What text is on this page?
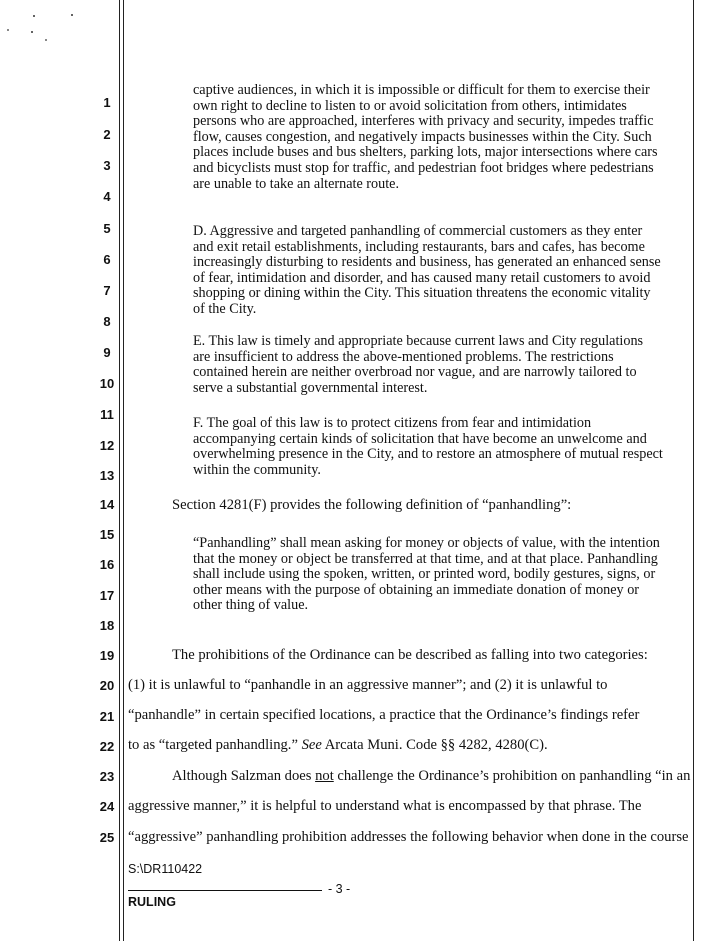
1
2
3
4
5
6
7
8
9
10
11
12
13
14
15
16
17
18
19
20
21
22
23
24
25

captive audiences, in which it is impossible or difficult for them to exercise their own right to decline to listen to or avoid solicitation from others, intimidates persons who are approached, interferes with privacy and security, impedes traffic flow, causes congestion, and negatively impacts businesses within the City. Such places include buses and bus shelters, parking lots, major intersections where cars and bicyclists must stop for traffic, and pedestrian foot bridges where pedestrians are unable to take an alternate route.

D. Aggressive and targeted panhandling of commercial customers as they enter and exit retail establishments, including restaurants, bars and cafes, has become increasingly disturbing to residents and business, has generated an enhanced sense of fear, intimidation and disorder, and has caused many retail customers to avoid shopping or dining within the City. This situation threatens the economic vitality of the City.

E. This law is timely and appropriate because current laws and City regulations are insufficient to address the above-mentioned problems. The restrictions contained herein are neither overbroad nor vague, and are narrowly tailored to serve a substantial governmental interest.

F. The goal of this law is to protect citizens from fear and intimidation accompanying certain kinds of solicitation that have become an unwelcome and overwhelming presence in the City, and to restore an atmosphere of mutual respect within the community.

Section 4281(F) provides the following definition of “panhandling”:

“Panhandling” shall mean asking for money or objects of value, with the intention that the money or object be transferred at that time, and at that place. Panhandling shall include using the spoken, written, or printed word, bodily gestures, signs, or other means with the purpose of obtaining an immediate donation of money or other thing of value.

The prohibitions of the Ordinance can be described as falling into two categories:
(1) it is unlawful to “panhandle in an aggressive manner”; and (2) it is unlawful to
“panhandle” in certain specified locations, a practice that the Ordinance’s findings refer
to as “targeted panhandling.” See Arcata Muni. Code §§ 4282, 4280(C).
Although Salzman does not challenge the Ordinance’s prohibition on panhandling “in an
aggressive manner,” it is helpful to understand what is encompassed by that phrase. The
“aggressive” panhandling prohibition addresses the following behavior when done in the course
S:\DR110422
- 3 -
RULING
